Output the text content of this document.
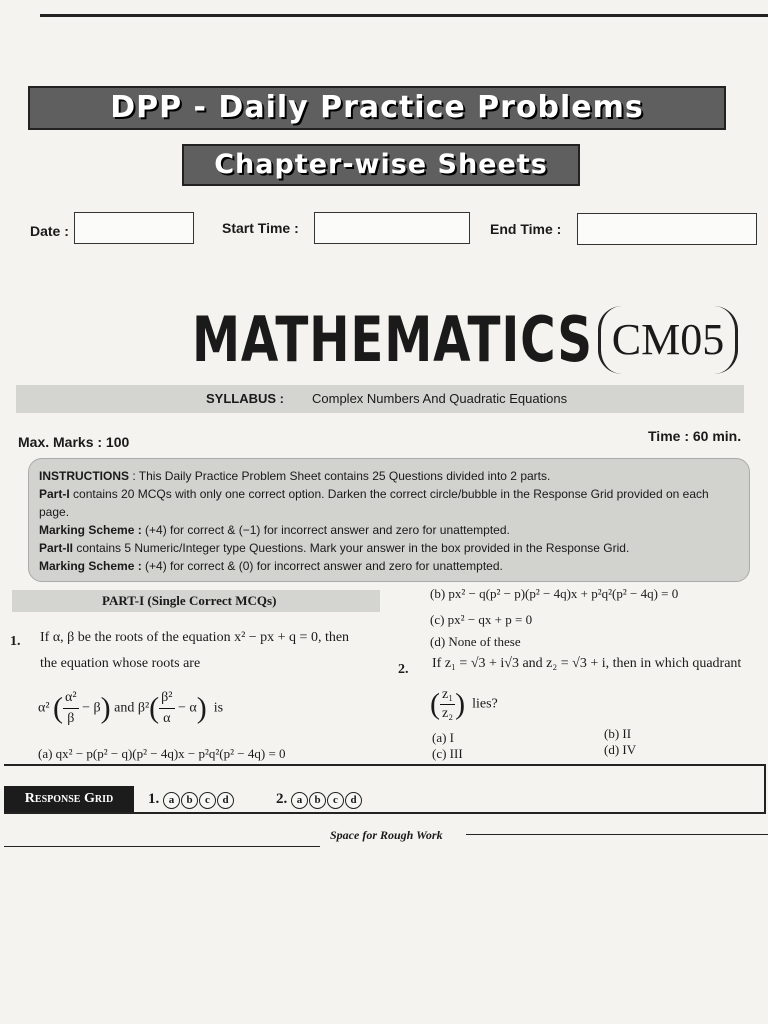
DPP - Daily Practice Problems
Chapter-wise Sheets
Date :	Start Time :	End Time :
MATHEMATICS CM05
SYLLABUS : Complex Numbers And Quadratic Equations
Max. Marks : 100	Time : 60 min.

INSTRUCTIONS : This Daily Practice Problem Sheet contains 25 Questions divided into 2 parts.

Part-I contains 20 MCQs with only one correct option. Darken the correct circle/bubble in the Response Grid provided on each page.

Marking Scheme : (+4) for correct & (−1) for incorrect answer and zero for unattempted.

Part-II contains 5 Numeric/Integer type Questions. Mark your answer in the box provided in the Response Grid.

Marking Scheme : (+4) for correct & (0) for incorrect answer and zero for unattempted.

PART-I (Single Correct MCQs)
1. If α, β be the roots of the equation x² − px + q = 0, then
the equation whose roots are
α² ( $\frac{\text{α²}}{\beta} - \beta$) and $\beta^2( \frac{\text{β²}}{\alpha} - \alpha)$ is
(a) qx² − p(p² − q)(p² − 4q)x − p²q²(p² − 4q) = 0
(b) px² − q(p² − p)(p² − 4q)x + p²q²(p² − 4q) = 0
(c) px² − qx + p = 0
(d) None of these
2. If z₁ = √3 + i√3 and z₂ = √3 + i, then in which quadrant
( $\frac{\text{z₁}}{\text{z₂}}$ ) lies?
(a) I	(b) II
(c) III	(d) IV
Response Grid	1. a b c d	2. a b c d
Space for Rough Work
